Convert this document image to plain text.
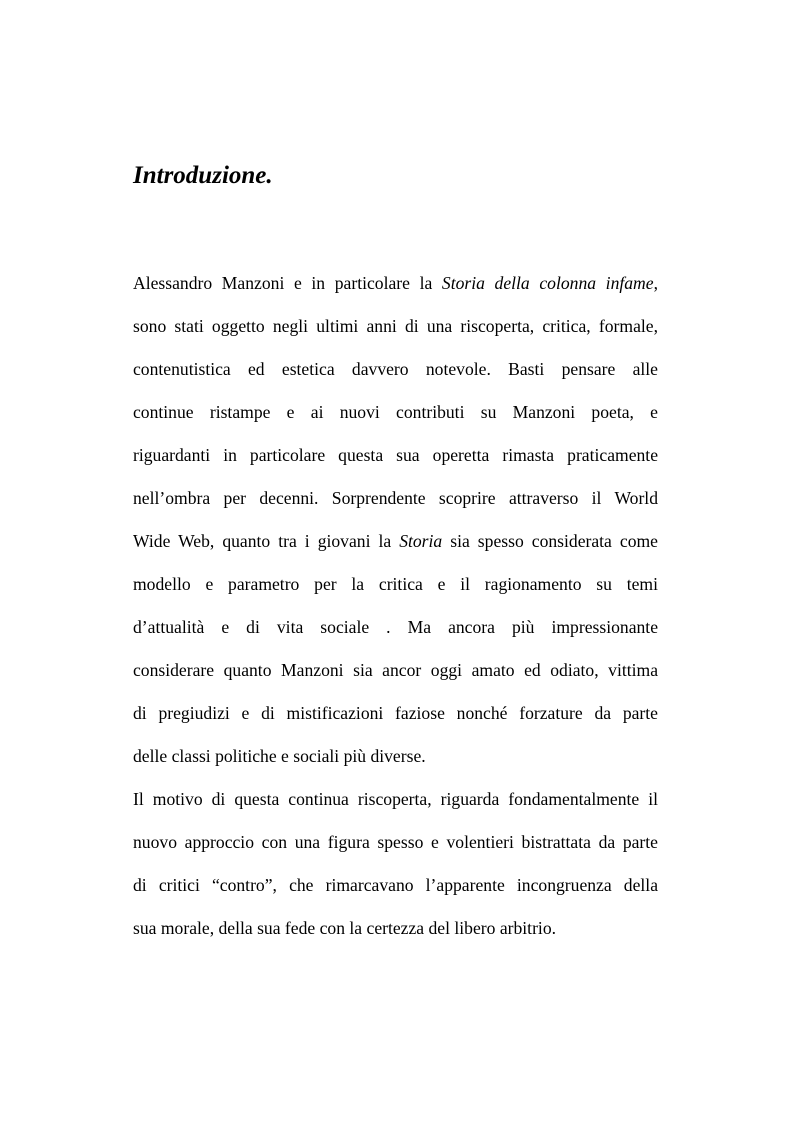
Introduzione.
Alessandro Manzoni e in particolare la Storia della colonna infame,
sono stati oggetto negli ultimi anni di una riscoperta, critica, formale,
contenutistica ed estetica davvero notevole. Basti pensare alle
continue ristampe e ai nuovi contributi su Manzoni poeta, e
riguardanti in particolare questa sua operetta rimasta praticamente
nell’ombra per decenni. Sorprendente scoprire attraverso il World
Wide Web, quanto tra i giovani la Storia sia spesso considerata come
modello e parametro per la critica e il ragionamento su temi
d’attualità e di vita sociale . Ma ancora più impressionante
considerare quanto Manzoni sia ancor oggi amato ed odiato, vittima
di pregiudizi e di mistificazioni faziose nonché forzature da parte
delle classi politiche e sociali più diverse.
Il motivo di questa continua riscoperta, riguarda fondamentalmente il
nuovo approccio con una figura spesso e volentieri bistrattata da parte
di critici “contro”, che rimarcavano l’apparente incongruenza della
sua morale, della sua fede con la certezza del libero arbitrio.
